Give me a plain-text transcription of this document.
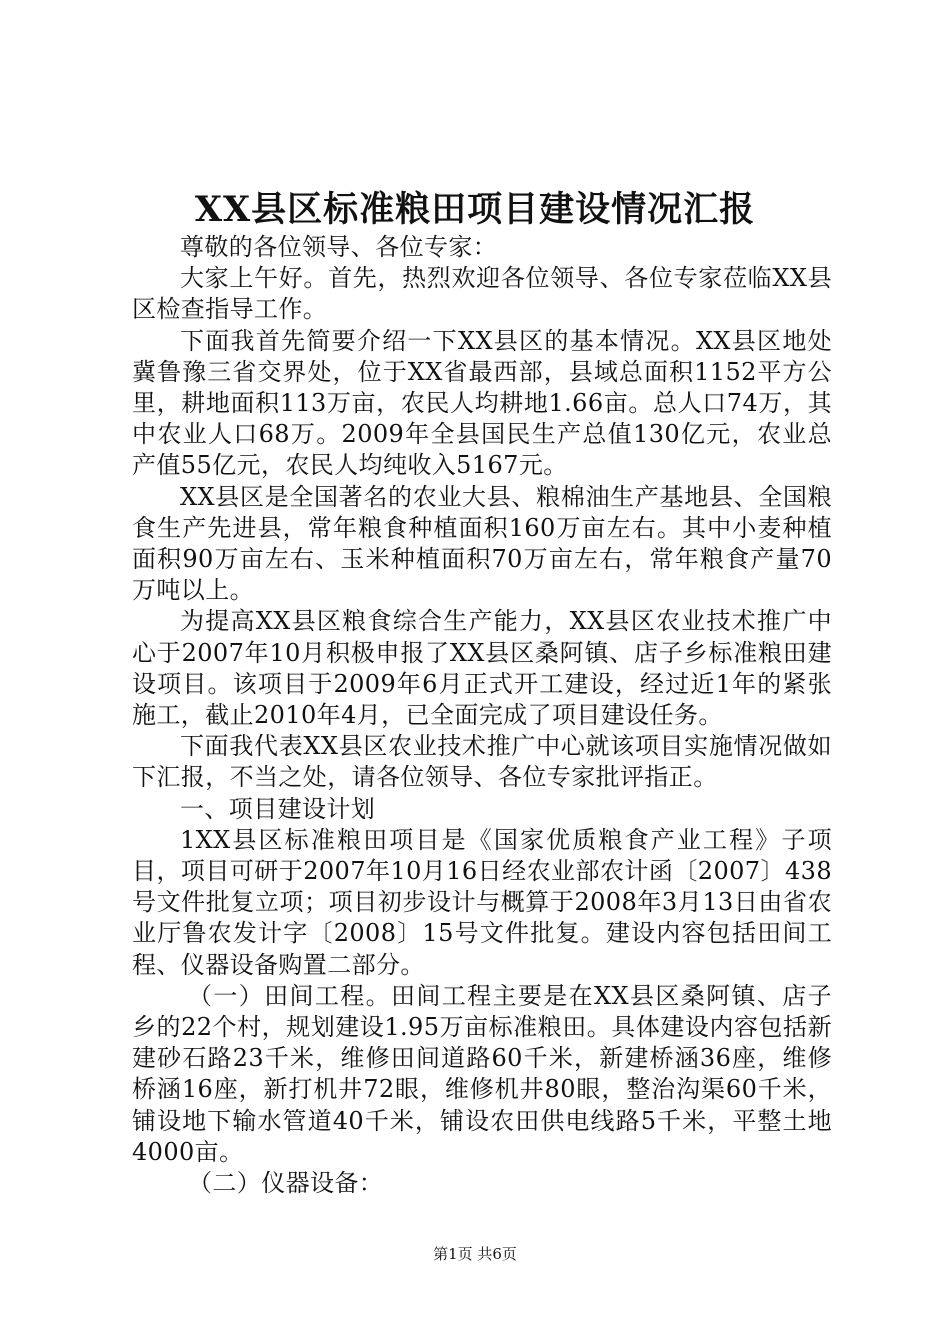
XX县区标准粮田项目建设情况汇报

尊敬的各位领导、各位专家：

大家上午好。首先，热烈欢迎各位领导、各位专家莅临XX县区检查指导工作。

下面我首先简要介绍一下XX县区的基本情况。XX县区地处冀鲁豫三省交界处，位于XX省最西部，县域总面积1152平方公里，耕地面积113万亩，农民人均耕地1.66亩。总人口74万，其中农业人口68万。2009年全县国民生产总值130亿元，农业总产值55亿元，农民人均纯收入5167元。

XX县区是全国著名的农业大县、粮棉油生产基地县、全国粮食生产先进县，常年粮食种植面积160万亩左右。其中小麦种植面积90万亩左右、玉米种植面积70万亩左右，常年粮食产量70万吨以上。

为提高XX县区粮食综合生产能力，XX县区农业技术推广中心于2007年10月积极申报了XX县区桑阿镇、店子乡标准粮田建设项目。该项目于2009年6月正式开工建设，经过近1年的紧张施工，截止2010年4月，已全面完成了项目建设任务。

下面我代表XX县区农业技术推广中心就该项目实施情况做如下汇报，不当之处，请各位领导、各位专家批评指正。

一、项目建设计划

1XX县区标准粮田项目是《国家优质粮食产业工程》子项目，项目可研于2007年10月16日经农业部农计函〔2007〕438号文件批复立项；项目初步设计与概算于2008年3月13日由省农业厅鲁农发计字〔2008〕15号文件批复。建设内容包括田间工程、仪器设备购置二部分。

（一）田间工程。田间工程主要是在XX县区桑阿镇、店子乡的22个村，规划建设1.95万亩标准粮田。具体建设内容包括新建砂石路23千米，维修田间道路60千米，新建桥涵36座，维修桥涵16座，新打机井72眼，维修机井80眼，整治沟渠60千米，铺设地下输水管道40千米，铺设农田供电线路5千米，平整土地4000亩。

（二）仪器设备：

第1页 共6页
